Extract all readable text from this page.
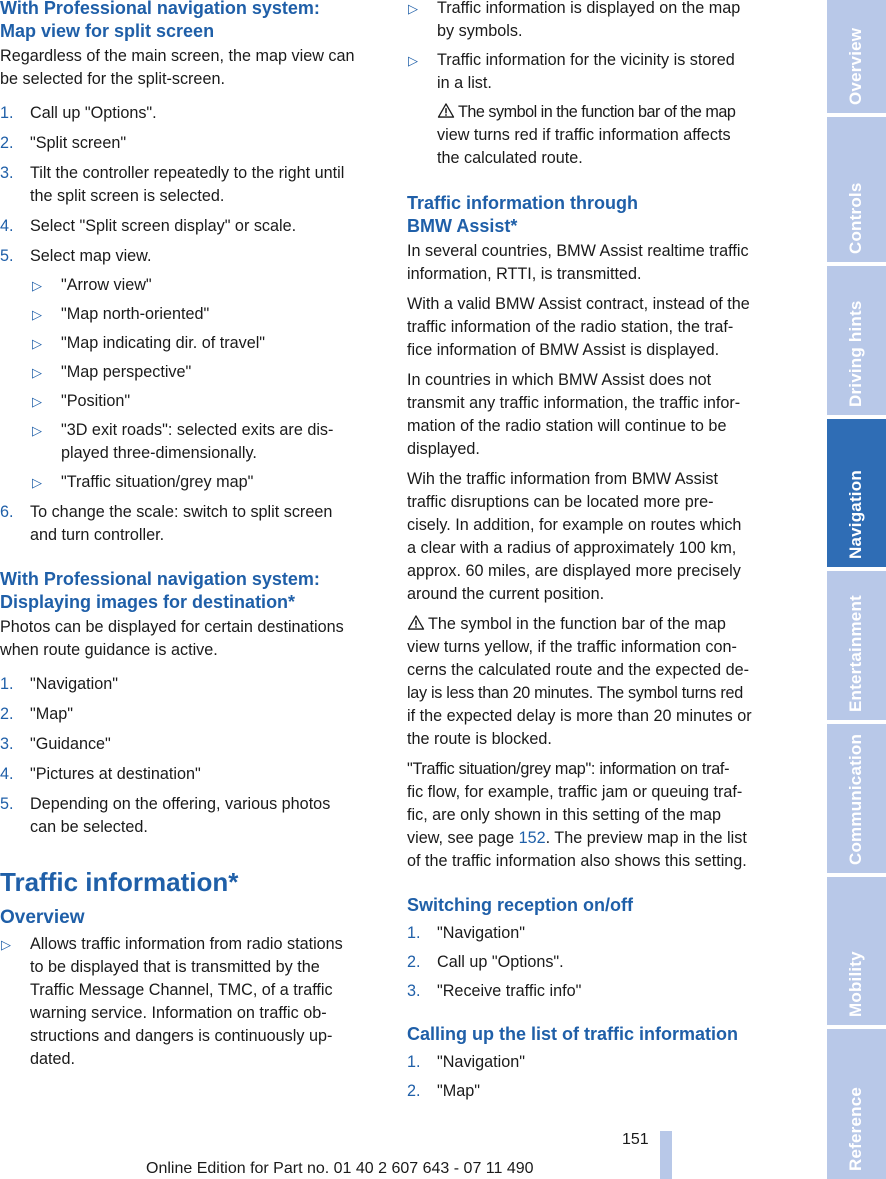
With Professional navigation system:
Map view for split screen
Regardless of the main screen, the map view can
be selected for the split-screen.
1. Call up "Options".
2. "Split screen"
3. Tilt the controller repeatedly to the right until
the split screen is selected.
4. Select "Split screen display" or scale.
5. Select map view.
▷ "Arrow view"
▷ "Map north-oriented"
▷ "Map indicating dir. of travel"
▷ "Map perspective"
▷ "Position"
▷ "3D exit roads": selected exits are dis-
played three-dimensionally.
▷ "Traffic situation/grey map"
6. To change the scale: switch to split screen
and turn controller.
With Professional navigation system:
Displaying images for destination*
Photos can be displayed for certain destinations
when route guidance is active.
1. "Navigation"
2. "Map"
3. "Guidance"
4. "Pictures at destination"
5. Depending on the offering, various photos
can be selected.
Traffic information*
Overview
▷ Allows traffic information from radio stations
to be displayed that is transmitted by the
Traffic Message Channel, TMC, of a traffic
warning service. Information on traffic ob-
structions and dangers is continuously up-
dated.
▷ Traffic information is displayed on the map
by symbols.
▷ Traffic information for the vicinity is stored
in a list.
The symbol in the function bar of the map
view turns red if traffic information affects
the calculated route.
Traffic information through
BMW Assist*
In several countries, BMW Assist realtime traffic
information, RTTI, is transmitted.
With a valid BMW Assist contract, instead of the
traffic information of the radio station, the traf-
fice information of BMW Assist is displayed.
In countries in which BMW Assist does not
transmit any traffic information, the traffic infor-
mation of the radio station will continue to be
displayed.
Wih the traffic information from BMW Assist
traffic disruptions can be located more pre-
cisely. In addition, for example on routes which
a clear with a radius of approximately 100 km,
approx. 60 miles, are displayed more precisely
around the current position.
The symbol in the function bar of the map
view turns yellow, if the traffic information con-
cerns the calculated route and the expected de-
lay is less than 20 minutes. The symbol turns red
if the expected delay is more than 20 minutes or
the route is blocked.
"Traffic situation/grey map": information on traf-
fic flow, for example, traffic jam or queuing traf-
fic, are only shown in this setting of the map
view, see page 152. The preview map in the list
of the traffic information also shows this setting.
Switching reception on/off
1. "Navigation"
2. Call up "Options".
3. "Receive traffic info"
Calling up the list of traffic information
1. "Navigation"
2. "Map"
151
Online Edition for Part no. 01 40 2 607 643 - 07 11 490
Overview
Controls
Driving hints
Navigation
Entertainment
Communication
Mobility
Reference
